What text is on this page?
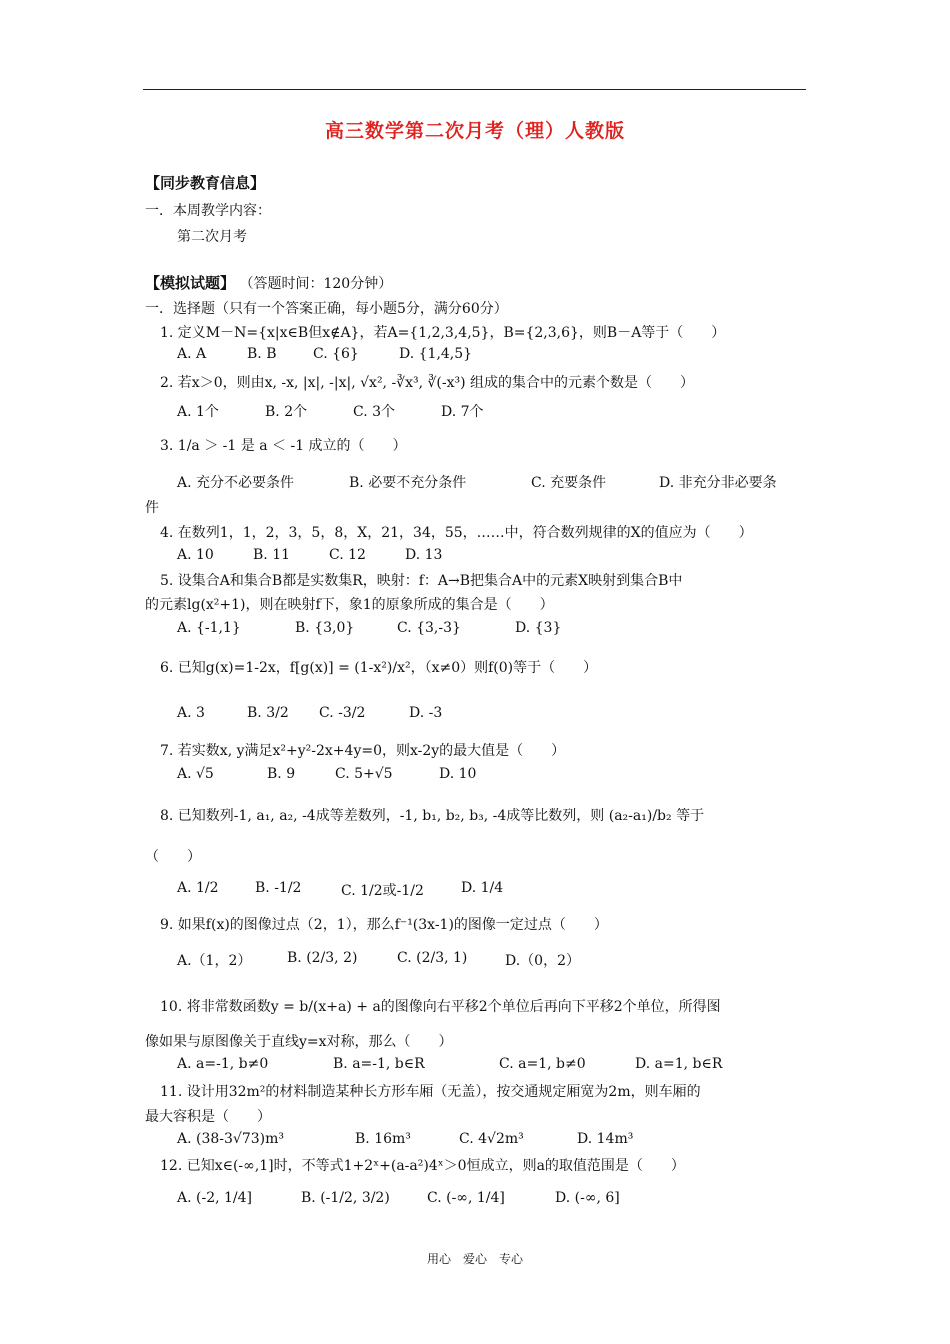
高三数学第二次月考（理）人教版
【同步教育信息】
一．本周教学内容：
第二次月考
【模拟试题】 （答题时间：120分钟）
一．选择题（只有一个答案正确，每小题5分，满分60分）
1. 定义M－N={x|x∈B但x∉A}，若A={1,2,3,4,5}，B={2,3,6}，则B－A等于（　　）
A. A	B. B	C. {6}	D. {1,4,5}
2. 若x＞0，则由x, -x, |x|, -|x|, √x², -∛x³, ∛(-x³) 组成的集合中的元素个数是（　　）
A. 1个	B. 2个	C. 3个	D. 7个
3. 1/a ＞ -1 是 a ＜ -1 成立的（　　）
A. 充分不必要条件	B. 必要不充分条件	C. 充要条件	D. 非充分非必要条
件
4. 在数列1，1，2，3，5，8，X，21，34，55，……中，符合数列规律的X的值应为（　　）
A. 10	B. 11	C. 12	D. 13
5. 设集合A和集合B都是实数集R，映射：f：A→B把集合A中的元素X映射到集合B中
的元素lg(x²+1)，则在映射f下，象1的原象所成的集合是（　　）
A. {-1,1}	B. {3,0}	C. {3,-3}	D. {3}
6. 已知g(x)=1-2x，f[g(x)] = (1-x²)/x²，（x≠0）则f(0)等于（　　）
A. 3	B. 3/2	C. -3/2	D. -3
7. 若实数x, y满足x²+y²-2x+4y=0，则x-2y的最大值是（　　）
A. √5	B. 9	C. 5+√5	D. 10
8. 已知数列-1, a₁, a₂, -4成等差数列，-1, b₁, b₂, b₃, -4成等比数列，则 (a₂-a₁)/b₂ 等于
（　　）
A. 1/2	B. -1/2	C. 1/2或-1/2	D. 1/4
9. 如果f(x)的图像过点（2，1），那么f⁻¹(3x-1)的图像一定过点（　　）
A.（1，2）	B. (2/3, 2)	C. (2/3, 1)	D.（0，2）
10. 将非常数函数y = b/(x+a) + a的图像向右平移2个单位后再向下平移2个单位，所得图
像如果与原图像关于直线y=x对称，那么（　　）
A. a=-1, b≠0	B. a=-1, b∈R	C. a=1, b≠0	D. a=1, b∈R
11. 设计用32m²的材料制造某种长方形车厢（无盖），按交通规定厢宽为2m，则车厢的
最大容积是（　　）
A. (38-3√73)m³	B. 16m³	C. 4√2m³	D. 14m³
12. 已知x∈(-∞,1]时，不等式1+2ˣ+(a-a²)4ˣ＞0恒成立，则a的取值范围是（　　）
A. (-2, 1/4]	B. (-1/2, 3/2)	C. (-∞, 1/4]	D. (-∞, 6]
用心　爱心　专心
